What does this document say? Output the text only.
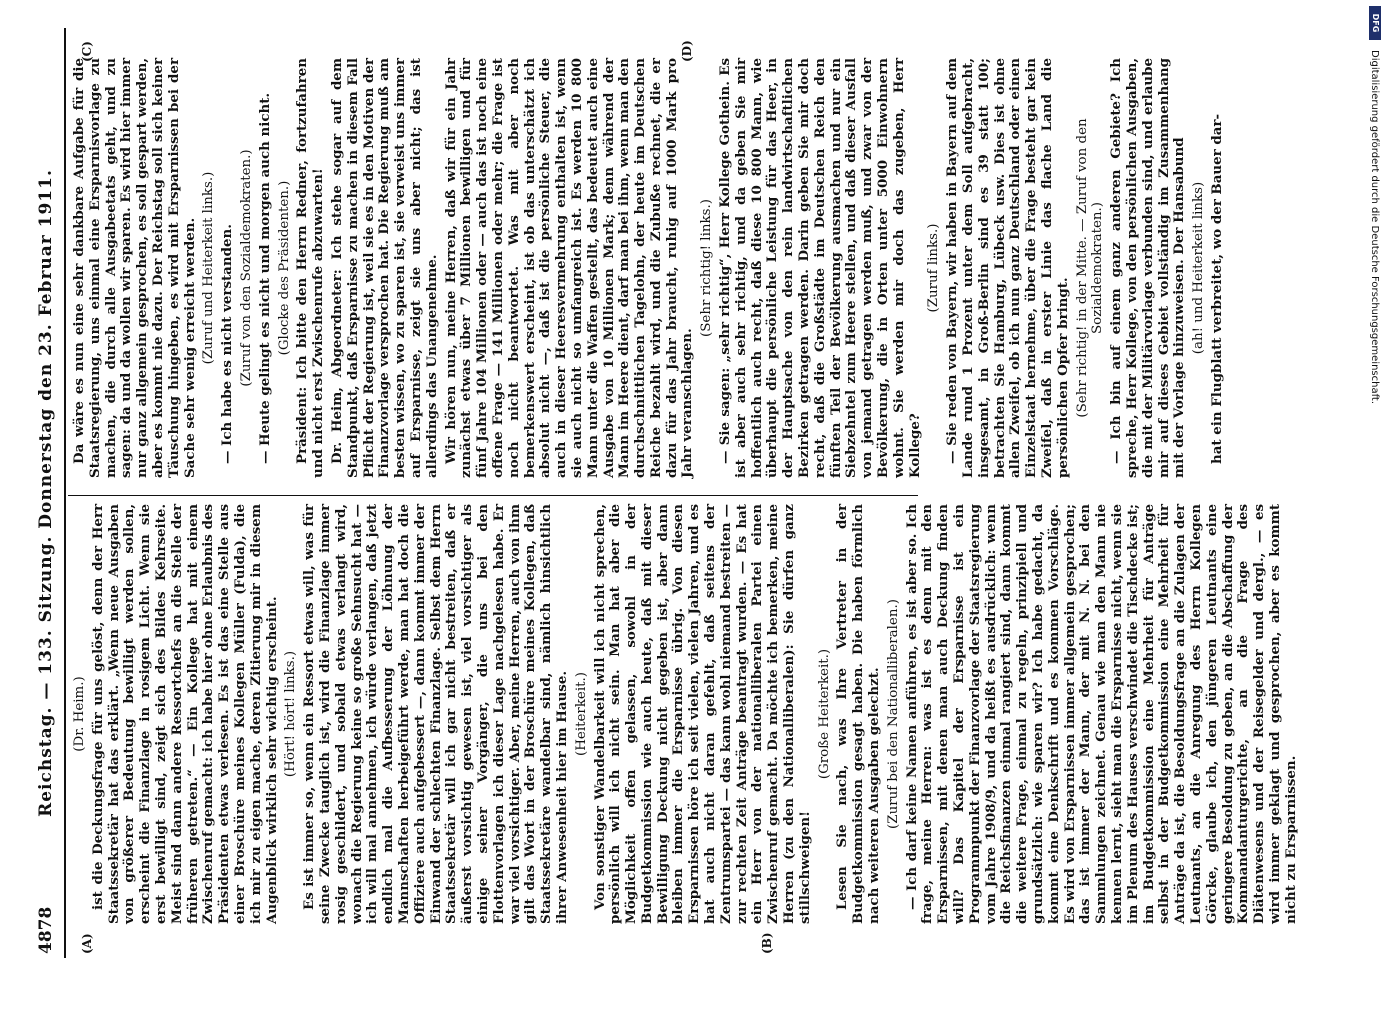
4878
Reichstag. — 133. Sitzung. Donnerstag den 23. Februar 1911.
(A)	(B)
(C)	(D)

(Dr. Heim.) ist die Deckungsfrage für uns gelöst, denn der Herr Staatssekretär hat das erklärt. „Wenn neue Ausgaben von größerer Bedeutung bewilligt werden sollen, erscheint die Finanzlage in rosigem Licht. Wenn sie erst bewilligt sind, zeigt sich des Bildes Kehrseite. Meist sind dann andere Ressortchefs an die Stelle der früheren getreten.“ — Ein Kollege hat mit einem Zwischenruf gemacht: ich habe hier ohne Erlaubnis des Präsidenten etwas verlesen. Es ist das eine Stelle aus einer Broschüre meines Kollegen Müller (Fulda), die ich mir zu eigen mache, deren Zitierung mir in diesem Augenblick wirklich sehr wichtig erscheint. (Hört! hört! links.) Es ist immer so, wenn ein Ressort etwas will, was für seine Zwecke tauglich ist, wird die Finanzlage immer rosig geschildert, und sobald etwas verlangt wird, wonach die Regierung keine so große Sehnsucht hat — ich will mal annehmen, ich würde verlangen, daß jetzt endlich mal die Aufbesserung der Löhnung der Mannschaften herbeigeführt werde, man hat doch die Offiziere auch aufgebessert —, dann kommt immer der Einwand der schlechten Finanzlage. Selbst dem Herrn Staatssekretär will ich gar nicht bestreiten, daß er äußerst vorsichtig gewesen ist, viel vorsichtiger als einige seiner Vorgänger, die uns bei den Flottenvorlagen ich dieser Lage nachgelesen habe. Er war viel vorsichtiger. Aber, meine Herren, auch von ihm gilt das Wort in der Broschüre meines Kollegen, daß Staatssekretäre wandelbar sind, nämlich hinsichtlich ihrer Anwesenheit hier im Hause. (Heiterkeit.) Von sonstiger Wandelbarkeit will ich nicht sprechen, persönlich will ich nicht sein. Man hat aber die Möglichkeit offen gelassen, sowohl in der Budgetkommission wie auch heute, daß mit dieser Bewilligung Deckung nicht gegeben ist, aber dann bleiben immer die Ersparnisse übrig. Von diesen Ersparnissen höre ich seit vielen, vielen Jahren, und es hat auch nicht daran gefehlt, daß seitens der Zentrumspartei — das kann wohl niemand bestreiten — zur rechten Zeit Anträge beantragt wurden. — Es hat ein Herr von der nationalliberalen Partei einen Zwischenruf gemacht. Da möchte ich bemerken, meine Herren (zu den Nationalliberalen): Sie dürfen ganz stillschweigen!

(Große Heiterkeit.) Lesen Sie nach, was Ihre Vertreter in der Budgetkommission gesagt haben. Die haben förmlich nach weiteren Ausgaben gelechzt. (Zuruf bei den Nationalliberalen.) — Ich darf keine Namen anführen, es ist aber so. Ich frage, meine Herren: was ist es denn mit den Ersparnissen, mit denen man auch Deckung finden will? Das Kapitel der Ersparnisse ist ein Programmpunkt der Finanzvorlage der Staatsregierung vom Jahre 1908/9, und da heißt es ausdrücklich: wenn die Reichsfinanzen einmal rangiert sind, dann kommt die weitere Frage, einmal zu regeln, prinzipiell und grundsätzlich: wie sparen wir? Ich habe gedacht, da kommt eine Denkschrift und es kommen Vorschläge. Es wird von Ersparnissen immer allgemein gesprochen; das ist immer der Mann, der mit N. N. bei den Sammlungen zeichnet. Genau wie man den Mann nie kennen lernt, sieht man die Ersparnisse nicht, wenn sie im Plenum des Hauses verschwindet die Tischdecke ist; im Budgetkommission eine Mehrheit für Anträge selbst in der Budgetkommission eine Mehrheit für Anträge da ist, die Besoldungsfrage an die Zulagen der Leutnants, an die Anregung des Herrn Kollegen Görcke, glaube ich, den jüngeren Leutnants eine geringere Besoldung zu geben, an die Abschaffung der Kommandanturgerichte, an die Frage des Diätenwesens und der Reisegelder und dergl., — es wird immer geklagt und gesprochen, aber es kommt nicht zu Ersparnissen.

Da wäre es nun eine sehr dankbare Aufgabe für die Staatsregierung, uns einmal eine Ersparnisvorlage zu machen, die durch alle Ausgabeetats geht, und zu sagen: da und da wollen wir sparen. Es wird hier immer nur ganz allgemein gesprochen, es soll gespart werden, aber es kommt nie dazu. Der Reichstag soll sich keiner Täuschung hingeben, es wird mit Ersparnissen bei der Sache sehr wenig erreicht werden. (Zuruf und Heiterkeit links.) — Ich habe es nicht verstanden. (Zuruf von den Sozialdemokraten.) — Heute gelingt es nicht und morgen auch nicht. (Glocke des Präsidenten.) Präsident: Ich bitte den Herrn Redner, fortzufahren und nicht erst Zwischenrufe abzuwarten! Dr. Heim, Abgeordneter: Ich stehe sogar auf dem Standpunkt, daß Ersparnisse zu machen in diesem Fall Pflicht der Regierung ist, weil sie es in den Motiven der Finanzvorlage versprochen hat. Die Regierung muß am besten wissen, wo zu sparen ist, sie verweist uns immer auf Ersparnisse, zeigt sie uns aber nicht; das ist allerdings das Unangenehme. Wir hören nun, meine Herren, daß wir für ein Jahr zunächst etwas über 7 Millionen bewilligen und für fünf Jahre 104 Millionen oder — auch das ist noch eine offene Frage — 141 Millionen oder mehr; die Frage ist noch nicht beantwortet. Was mit aber noch bemerkenswert erscheint, ist ob das unterschätzt ich absolut nicht —, daß ist die persönliche Steuer, die auch in dieser Heeresvermehrung enthalten ist, wenn sie auch nicht so umfangreich ist. Es werden 10 800 Mann unter die Waffen gestellt, das bedeutet auch eine Ausgabe von 10 Millionen Mark; denn während der Mann im Heere dient, darf man bei ihm, wenn man den durchschnittlichen Tagelohn, der heute im Deutschen Reiche bezahlt wird, und die Zubuße rechnet, die er dazu für das Jahr braucht, ruhig auf 1000 Mark pro Jahr veranschlagen.

(Sehr richtig! links.) — Sie sagen: „sehr richtig“, Herr Kollege Gothein. Es ist aber auch sehr richtig, und da geben Sie mir hoffentlich auch recht, daß diese 10 800 Mann, wie überhaupt die persönliche Leistung für das Heer, in der Hauptsache von den rein landwirtschaftlichen Bezirken getragen werden. Darin geben Sie mir doch recht, daß die Großstädte im Deutschen Reich den fünften Teil der Bevölkerung ausmachen und nur ein Siebzehntel zum Heere stellen, und daß dieser Ausfall von jemand getragen werden muß, und zwar von der Bevölkerung, die in Orten unter 5000 Einwohnern wohnt. Sie werden mir doch das zugeben, Herr Kollege?

(Zuruf links.) — Sie reden von Bayern, wir haben in Bayern auf dem Lande rund 1 Prozent unter dem Soll aufgebracht, insgesamt, in Groß-Berlin sind es 39 statt 100; betrachten Sie Hamburg, Lübeck usw. Dies ist ohne allen Zweifel, ob ich nun ganz Deutschland oder einen Einzelstaat hernehme, über die Frage besteht gar kein Zweifel, daß in erster Linie das flache Land die persönlichen Opfer bringt. (Sehr richtig! in der Mitte. — Zuruf von den Sozialdemokraten.) — Ich bin auf einem ganz anderen Gebiete? Ich spreche, Herr Kollege, von den persönlichen Ausgaben, die mit der Militärvorlage verbunden sind, und erlaube mir auf dieses Gebiet vollständig im Zusammenhang mit der Vorlage hinzuweisen. Der Hansabund (ah! und Heiterkeit links) hat ein Flugblatt verbreitet, wo der Bauer dar-

DFG
Digitalisierung gefördert durch die Deutsche Forschungsgemeinschaft.
